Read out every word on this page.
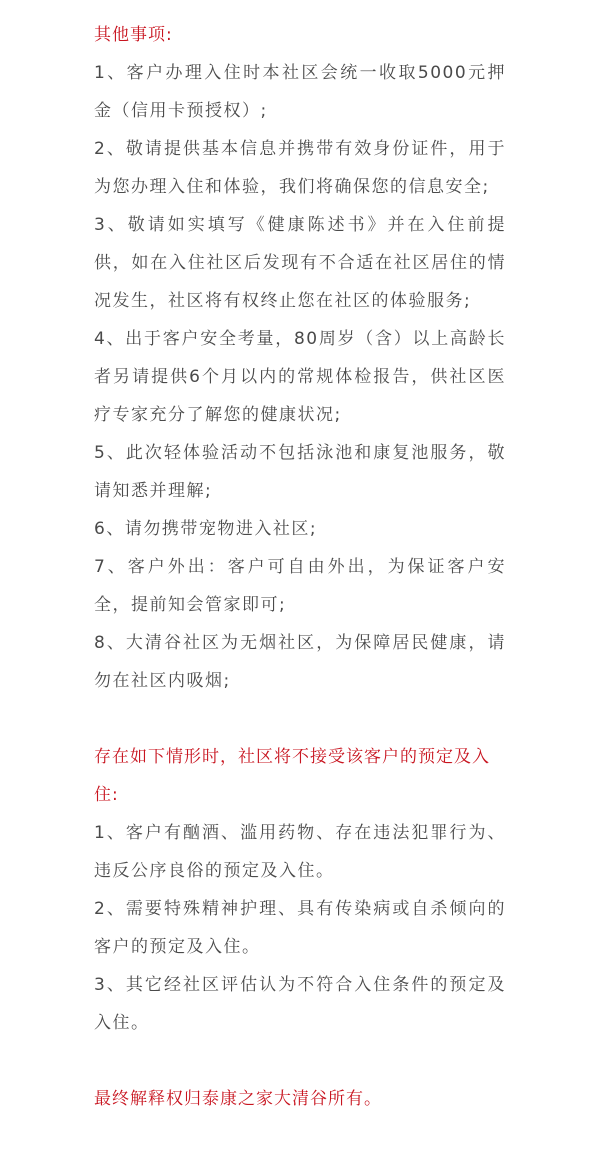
其他事项:

1、客户办理入住时本社区会统一收取5000元押金（信用卡预授权）;

2、敬请提供基本信息并携带有效身份证件，用于为您办理入住和体验，我们将确保您的信息安全;

3、敬请如实填写《健康陈述书》并在入住前提供，如在入住社区后发现有不合适在社区居住的情况发生，社区将有权终止您在社区的体验服务;

4、出于客户安全考量，80周岁（含）以上高龄长者另请提供6个月以内的常规体检报告，供社区医疗专家充分了解您的健康状况;

5、此次轻体验活动不包括泳池和康复池服务，敬请知悉并理解;

6、请勿携带宠物进入社区;

7、客户外出：客户可自由外出，为保证客户安全，提前知会管家即可;

8、大清谷社区为无烟社区，为保障居民健康，请勿在社区内吸烟;

存在如下情形时，社区将不接受该客户的预定及入住:

1、客户有酗酒、滥用药物、存在违法犯罪行为、违反公序良俗的预定及入住。

2、需要特殊精神护理、具有传染病或自杀倾向的客户的预定及入住。

3、其它经社区评估认为不符合入住条件的预定及入住。

最终解释权归泰康之家大清谷所有。
